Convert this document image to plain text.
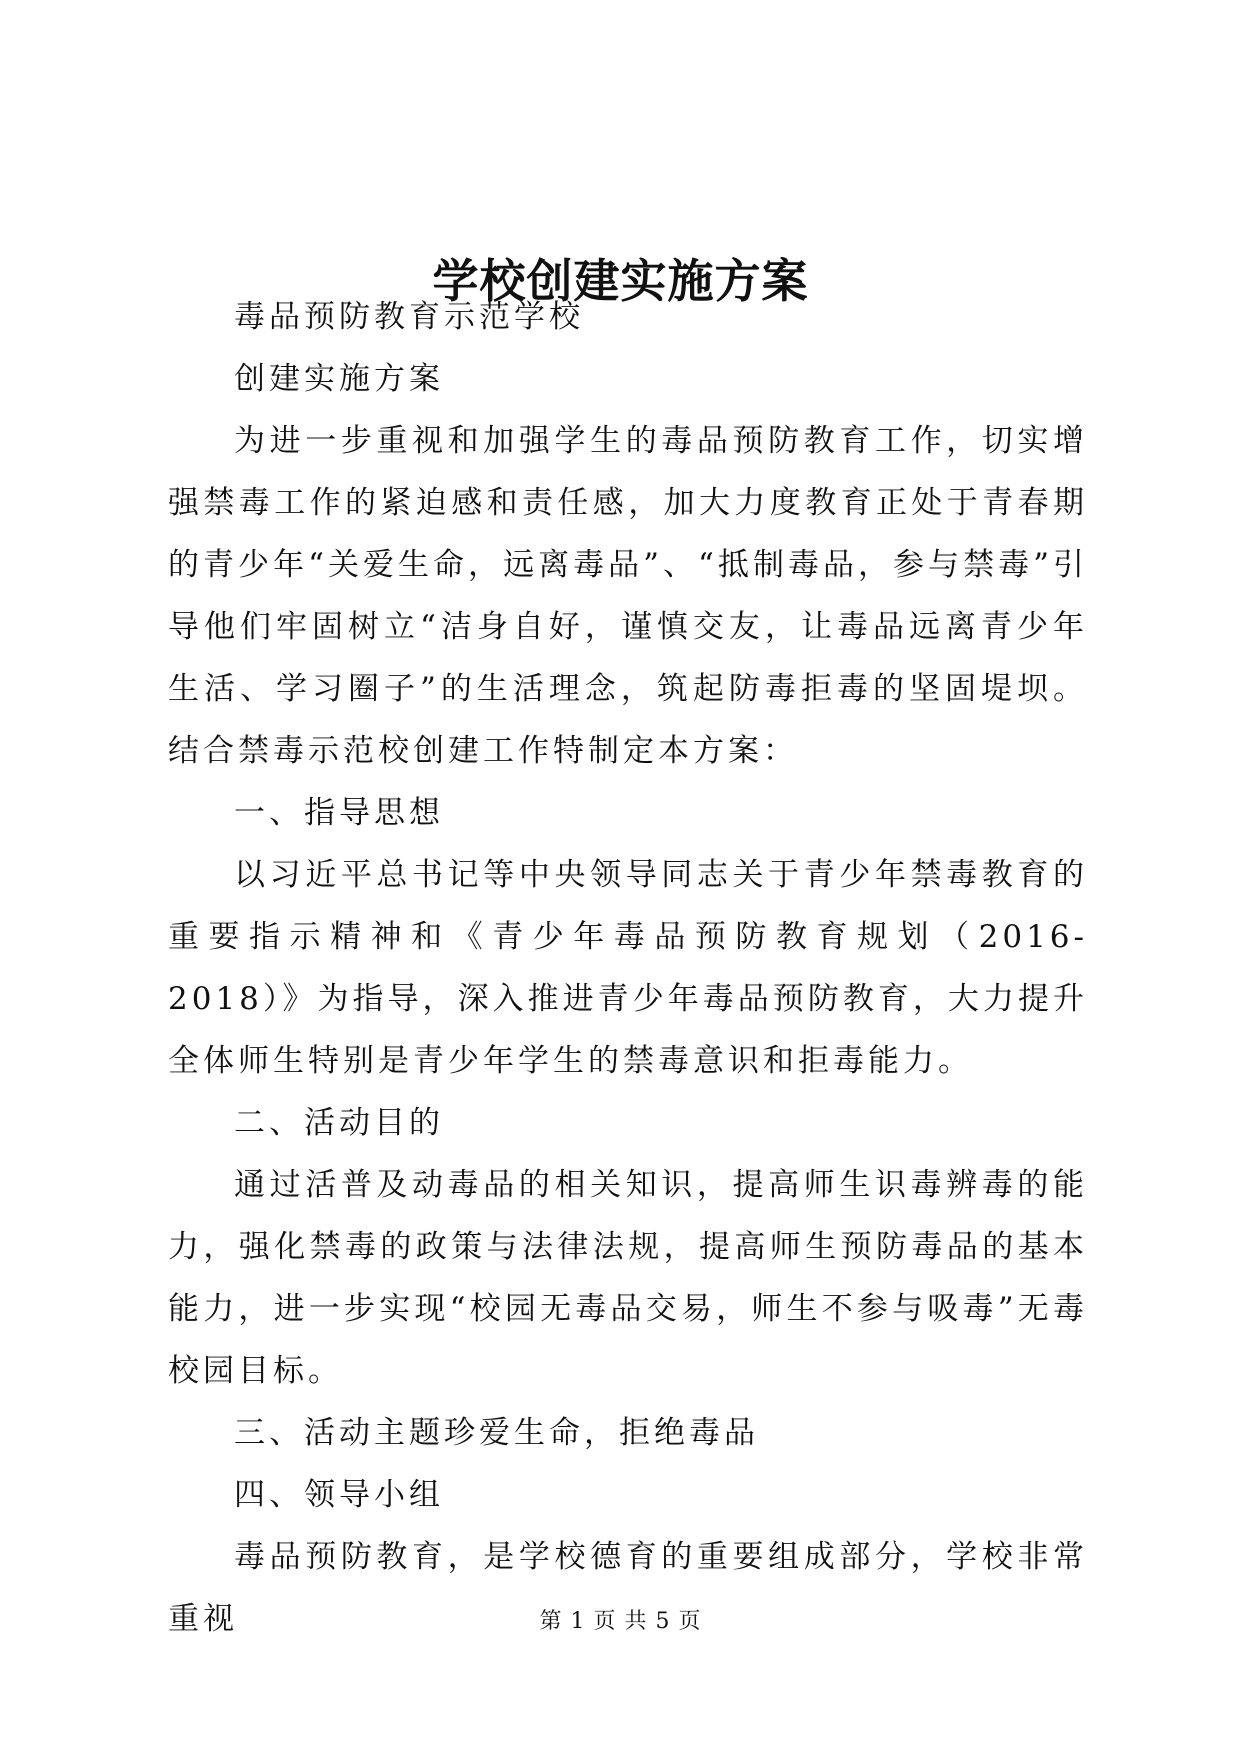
学校创建实施方案

毒品预防教育示范学校

创建实施方案

为进一步重视和加强学生的毒品预防教育工作，切实增强禁毒工作的紧迫感和责任感，加大力度教育正处于青春期的青少年“关爱生命，远离毒品”、“抵制毒品，参与禁毒”引导他们牢固树立“洁身自好，谨慎交友，让毒品远离青少年生活、学习圈子”的生活理念，筑起防毒拒毒的坚固堤坝。结合禁毒示范校创建工作特制定本方案：

一、指导思想

以习近平总书记等中央领导同志关于青少年禁毒教育的重要指示精神和《青少年毒品预防教育规划（2016-2018）》为指导，深入推进青少年毒品预防教育，大力提升全体师生特别是青少年学生的禁毒意识和拒毒能力。

二、活动目的

通过活普及动毒品的相关知识，提高师生识毒辨毒的能力，强化禁毒的政策与法律法规，提高师生预防毒品的基本能力，进一步实现“校园无毒品交易，师生不参与吸毒”无毒校园目标。

三、活动主题珍爱生命，拒绝毒品

四、领导小组

毒品预防教育，是学校德育的重要组成部分，学校非常重视	第 1 页 共 5 页
